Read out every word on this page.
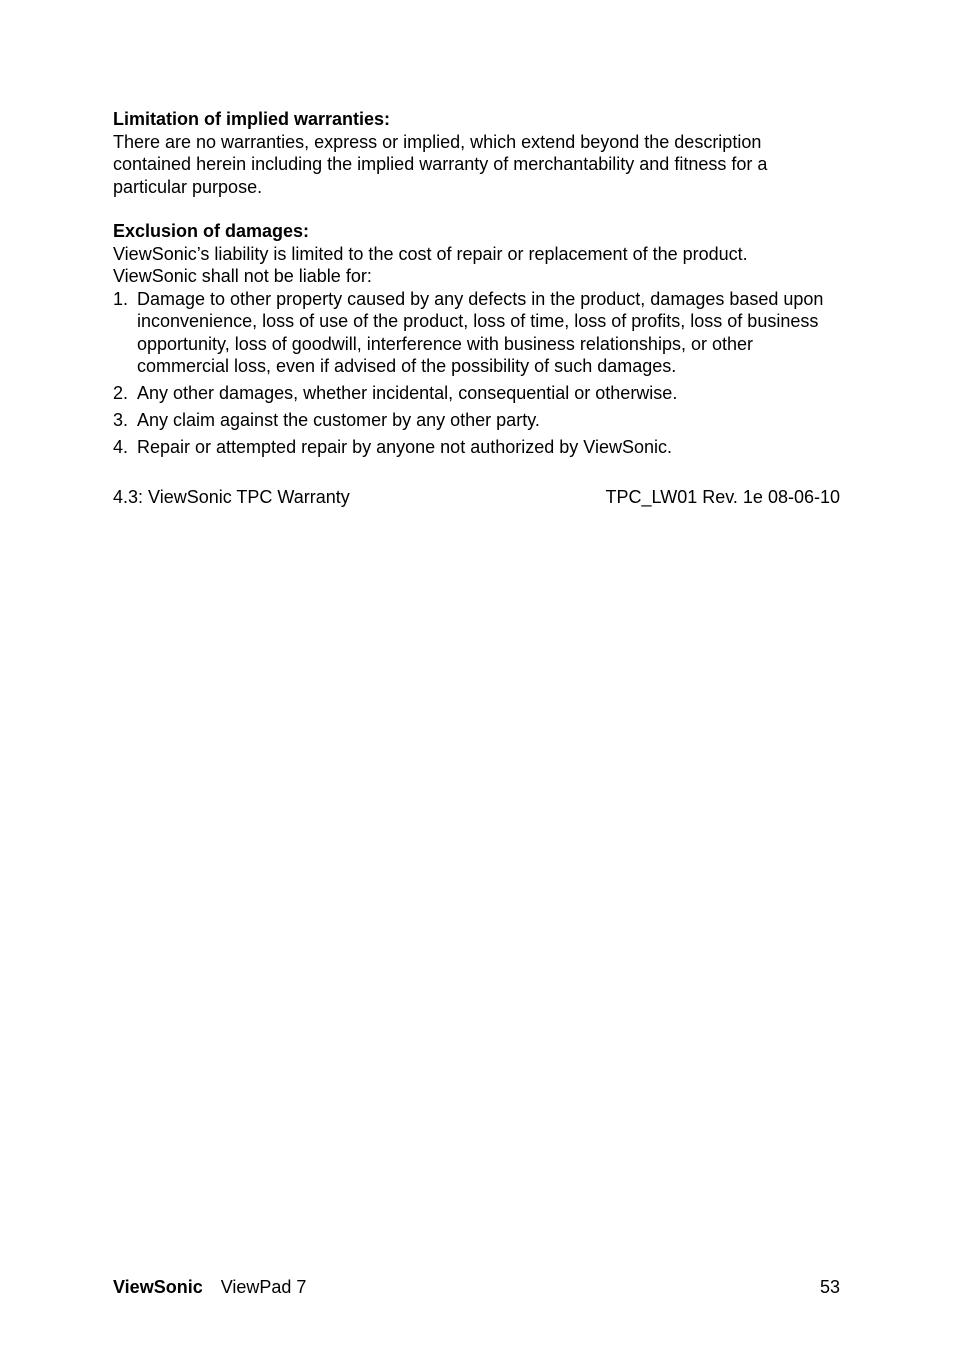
Limitation of implied warranties:

There are no warranties, express or implied, which extend beyond the description contained herein including the implied warranty of merchantability and fitness for a particular purpose.

Exclusion of damages:

ViewSonic’s liability is limited to the cost of repair or replacement of the product.

ViewSonic shall not be liable for:

1. Damage to other property caused by any defects in the product, damages based upon inconvenience, loss of use of the product, loss of time, loss of profits, loss of business opportunity, loss of goodwill, interference with business relationships, or other commercial loss, even if advised of the possibility of such damages.
2. Any other damages, whether incidental, consequential or otherwise.
3. Any claim against the customer by any other party.
4. Repair or attempted repair by anyone not authorized by ViewSonic.
4.3: ViewSonic TPC Warranty	TPC_LW01 Rev. 1e 08-06-10
ViewSonic ViewPad 7	53
